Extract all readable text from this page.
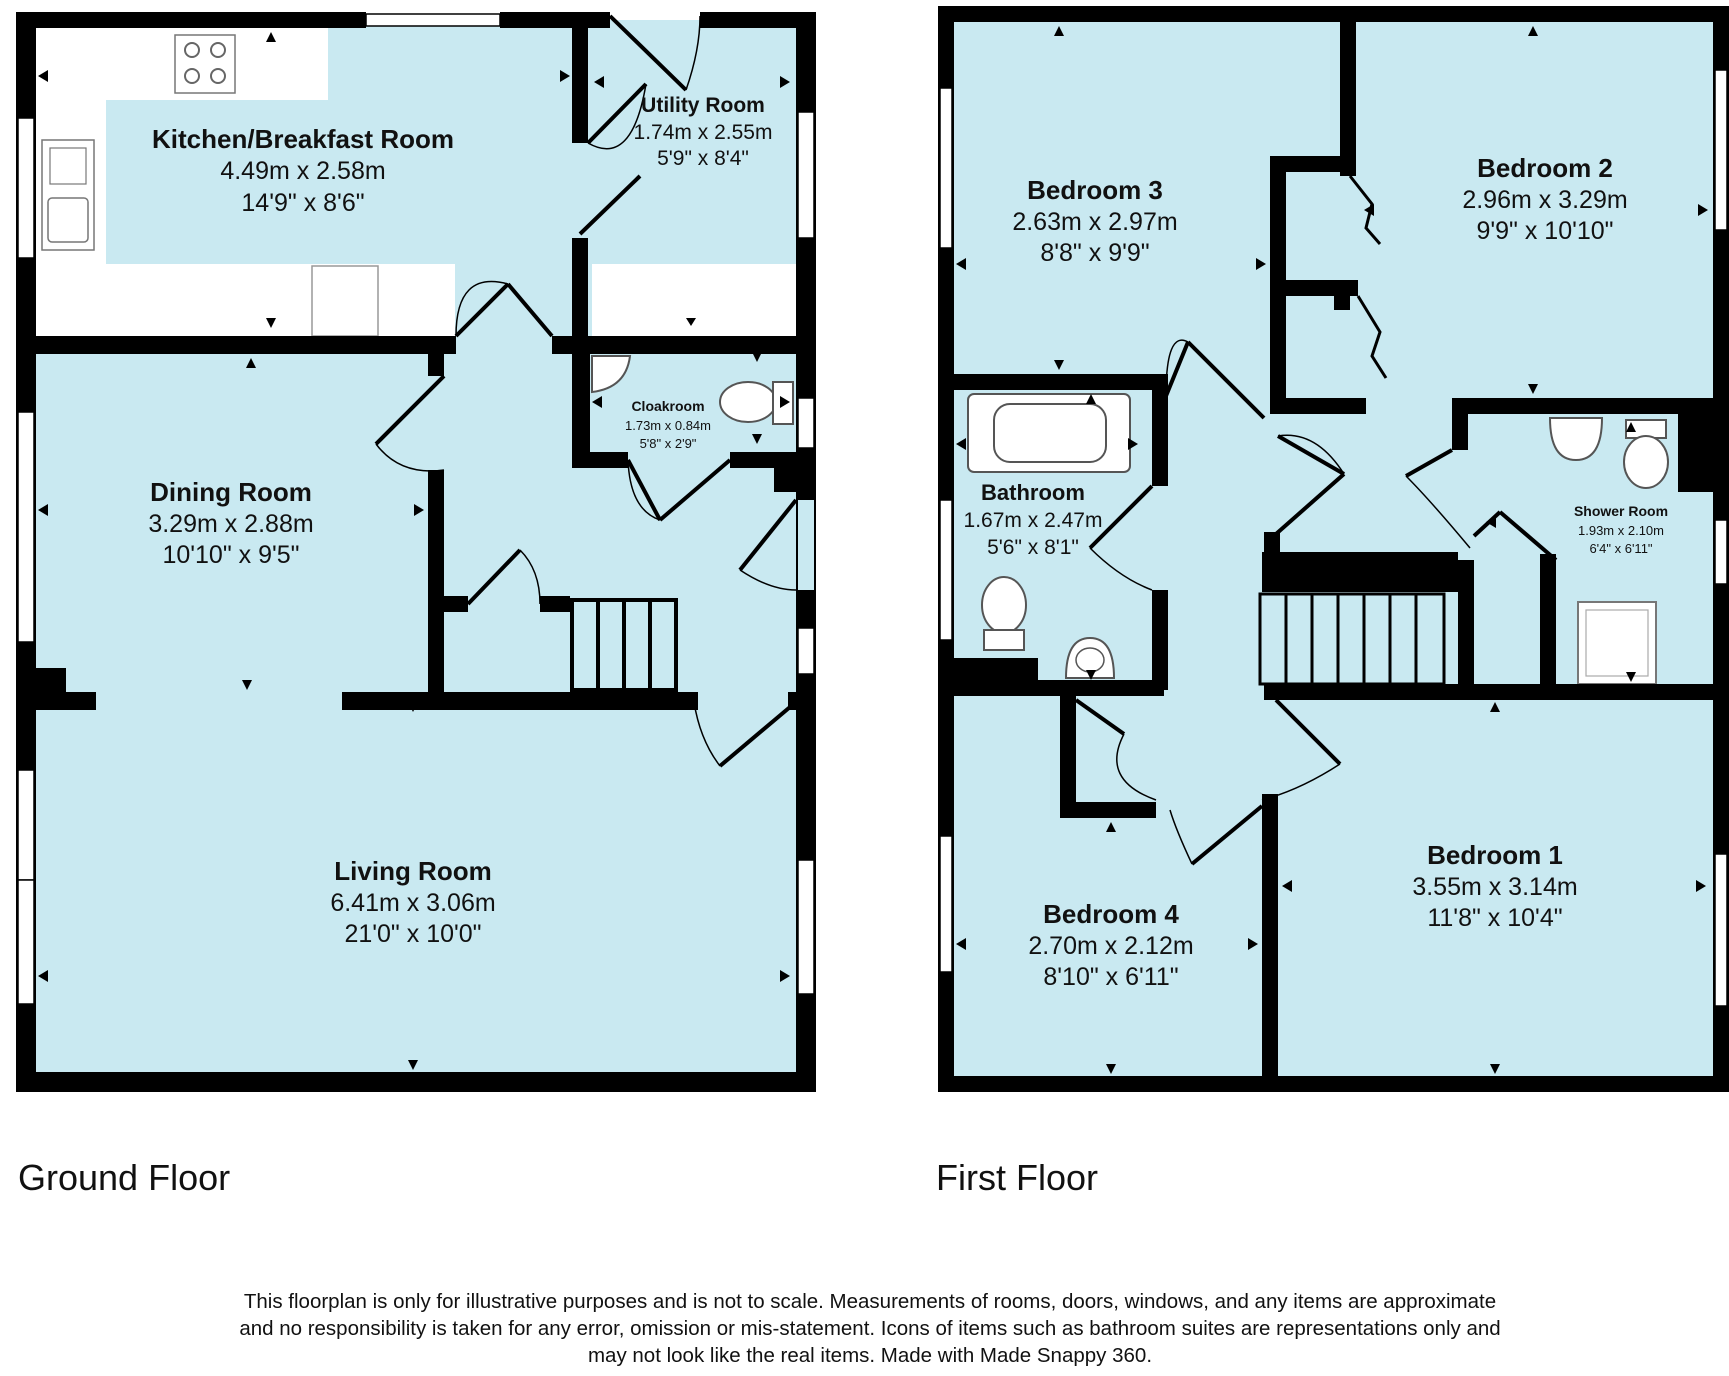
Kitchen/Breakfast Room
4.49m x 2.58m
14'9" x 8'6"
Utility Room
1.74m x 2.55m
5'9" x 8'4"
Cloakroom
1.73m x 0.84m
5'8" x 2'9"
Dining Room
3.29m x 2.88m
10'10" x 9'5"
Living Room
6.41m x 3.06m
21'0" x 10'0"
Bedroom 3
2.63m x 2.97m
8'8" x 9'9"
Bedroom 2
2.96m x 3.29m
9'9" x 10'10"
Bathroom
1.67m x 2.47m
5'6" x 8'1"
Shower Room
1.93m x 2.10m
6'4" x 6'11"
Bedroom 4
2.70m x 2.12m
8'10" x 6'11"
Bedroom 1
3.55m x 3.14m
11'8" x 10'4"
Ground Floor	First Floor
This floorplan is only for illustrative purposes and is not to scale. Measurements of rooms, doors, windows, and any items are approximate
and no responsibility is taken for any error, omission or mis-statement. Icons of items such as bathroom suites are representations only and
may not look like the real items. Made with Made Snappy 360.
